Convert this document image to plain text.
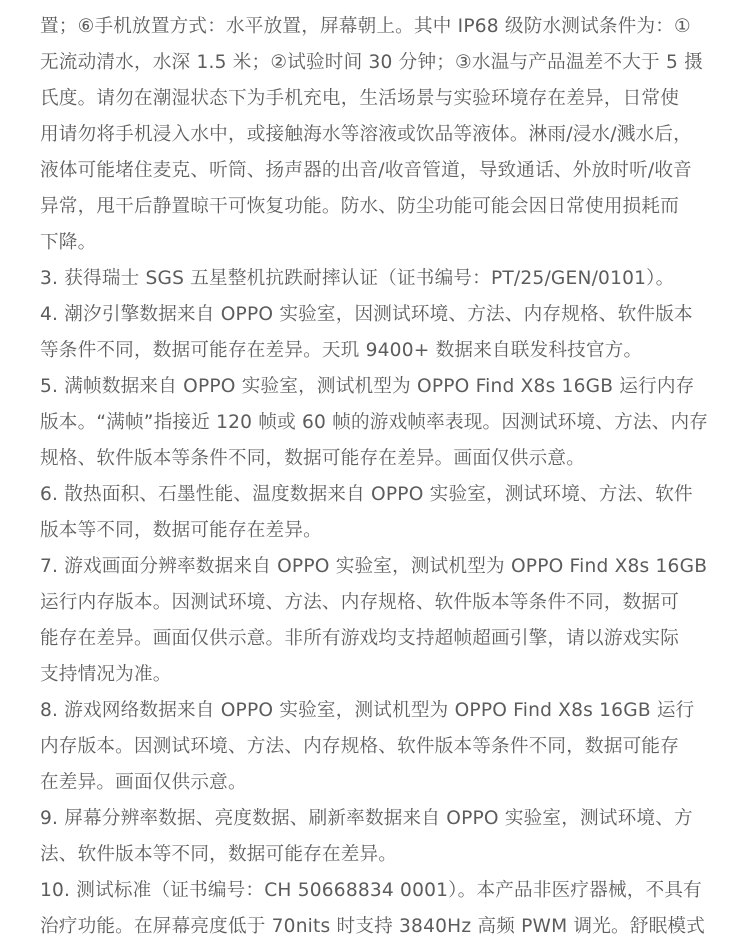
置；⑥手机放置方式：水平放置，屏幕朝上。其中 IP68 级防水测试条件为：①
无流动清水，水深 1.5 米；②试验时间 30 分钟；③水温与产品温差不大于 5 摄
氏度。请勿在潮湿状态下为手机充电，生活场景与实验环境存在差异，日常使
用请勿将手机浸入水中，或接触海水等溶液或饮品等液体。淋雨/浸水/溅水后，
液体可能堵住麦克、听筒、扬声器的出音/收音管道，导致通话、外放时听/收音
异常，甩干后静置晾干可恢复功能。防水、防尘功能可能会因日常使用损耗而
下降。
3. 获得瑞士 SGS 五星整机抗跌耐摔认证（证书编号：PT/25/GEN/0101）。
4. 潮汐引擎数据来自 OPPO 实验室，因测试环境、方法、内存规格、软件版本
等条件不同，数据可能存在差异。天玑 9400+ 数据来自联发科技官方。
5. 满帧数据来自 OPPO 实验室，测试机型为 OPPO Find X8s 16GB 运行内存
版本。“满帧”指接近 120 帧或 60 帧的游戏帧率表现。因测试环境、方法、内存
规格、软件版本等条件不同，数据可能存在差异。画面仅供示意。
6. 散热面积、石墨性能、温度数据来自 OPPO 实验室，测试环境、方法、软件
版本等不同，数据可能存在差异。
7. 游戏画面分辨率数据来自 OPPO 实验室，测试机型为 OPPO Find X8s 16GB
运行内存版本。因测试环境、方法、内存规格、软件版本等条件不同，数据可
能存在差异。画面仅供示意。非所有游戏均支持超帧超画引擎，请以游戏实际
支持情况为准。
8. 游戏网络数据来自 OPPO 实验室，测试机型为 OPPO Find X8s 16GB 运行
内存版本。因测试环境、方法、内存规格、软件版本等条件不同，数据可能存
在差异。画面仅供示意。
9. 屏幕分辨率数据、亮度数据、刷新率数据来自 OPPO 实验室，测试环境、方
法、软件版本等不同，数据可能存在差异。
10. 测试标准（证书编号：CH 50668834 0001）。本产品非医疗器械，不具有
治疗功能。在屏幕亮度低于 70nits 时支持 3840Hz 高频 PWM 调光。舒眠模式
